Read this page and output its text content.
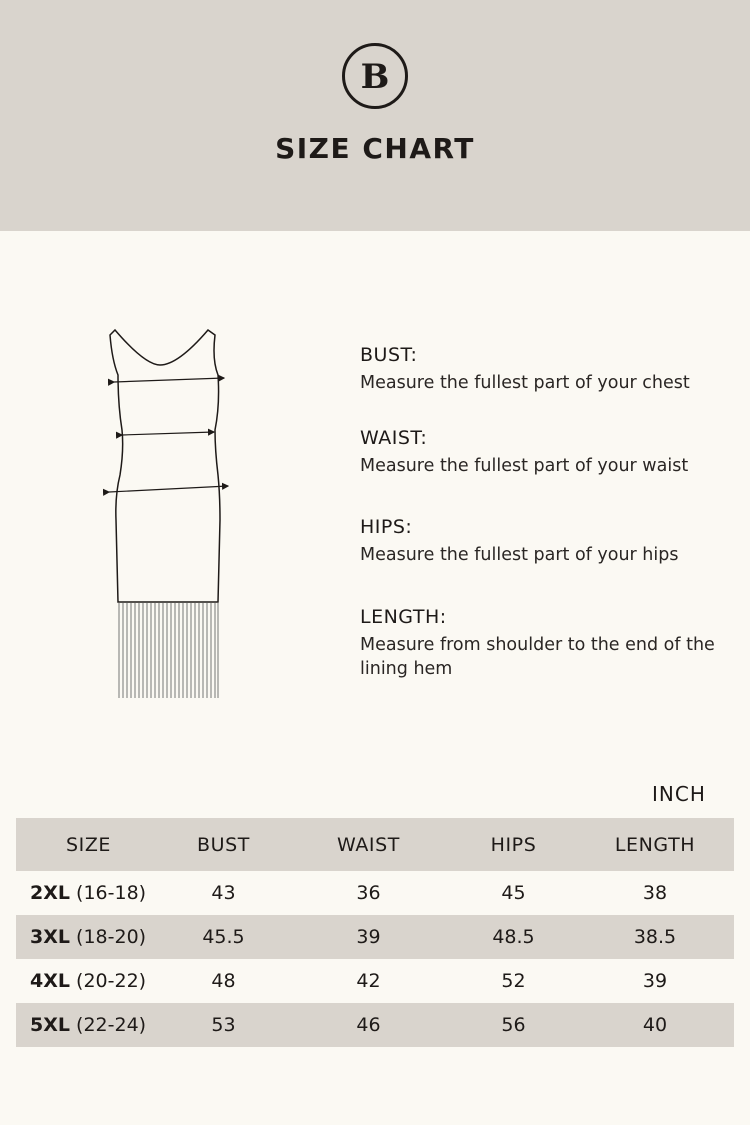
B
SIZE CHART
BUST:
Measure the fullest part of your chest
WAIST:
Measure the fullest part of your waist
HIPS:
Measure the fullest part of your hips
LENGTH:
Measure from shoulder to the end of the lining hem
INCH
SIZE	BUST	WAIST	HIPS	LENGTH
2XL (16-18)	43	36	45	38
3XL (18-20)	45.5	39	48.5	38.5
4XL (20-22)	48	42	52	39
5XL (22-24)	53	46	56	40
